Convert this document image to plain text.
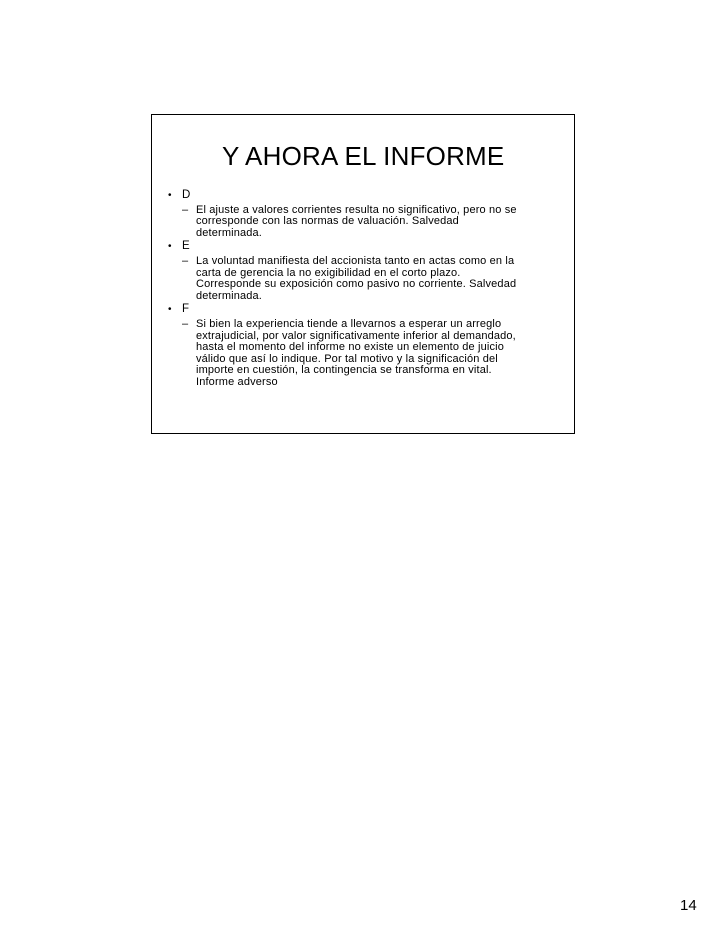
Y AHORA EL INFORME
• D
– El ajuste a valores corrientes resulta no significativo, pero no se
corresponde con las normas de valuación. Salvedad
determinada.
• E
– La voluntad manifiesta del accionista tanto en actas como en la
carta de gerencia la no exigibilidad en el corto plazo.
Corresponde su exposición como pasivo no corriente. Salvedad
determinada.
• F
– Si bien la experiencia tiende a llevarnos a esperar un arreglo
extrajudicial, por valor significativamente inferior al demandado,
hasta el momento del informe no existe un elemento de juicio
válido que así lo indique. Por tal motivo y la significación del
importe en cuestión, la contingencia se transforma en vital.
Informe adverso
14
